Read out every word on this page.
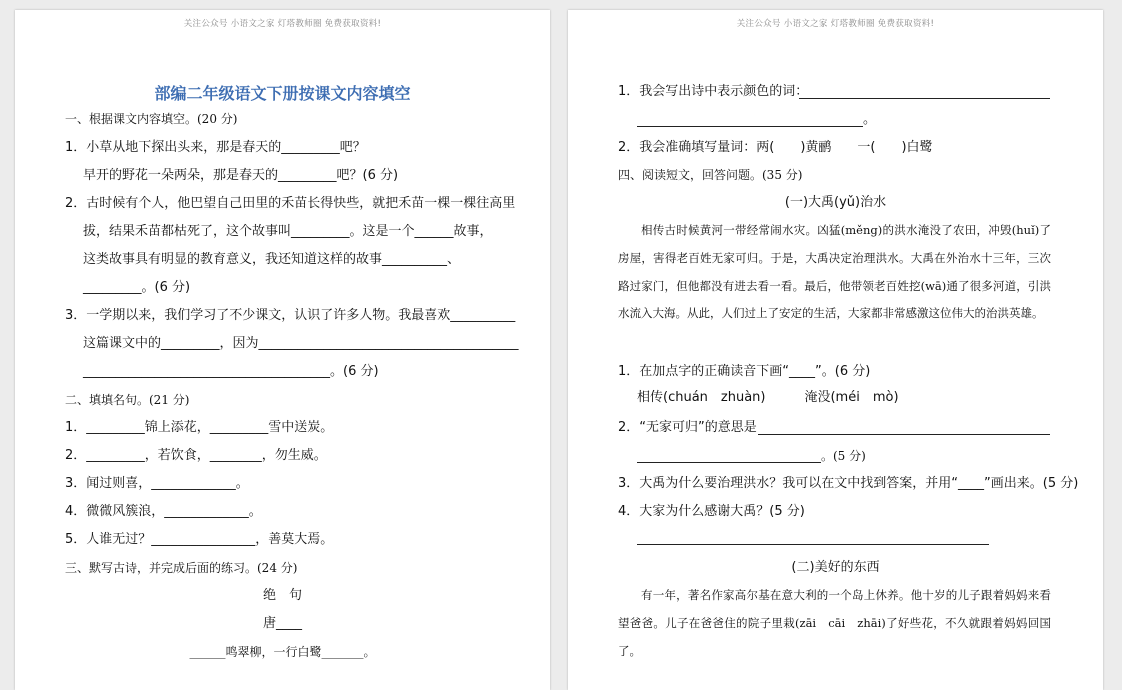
关注公众号 小语文之家 灯塔教师圈 免费获取资料!
部编二年级语文下册按课文内容填空
一、根据课文内容填空。(20 分)
1．小草从地下探出头来，那是春天的_________吧？
早开的野花一朵两朵，那是春天的_________吧？(6 分)
2．古时候有个人，他巴望自己田里的禾苗长得快些，就把禾苗一棵一棵往高里
拔，结果禾苗都枯死了，这个故事叫_________。这是一个______故事，
这类故事具有明显的教育意义，我还知道这样的故事__________、
_________。(6 分)
3．一学期以来，我们学习了不少课文，认识了许多人物。我最喜欢__________
这篇课文中的_________，因为________________________________________
______________________________________。(6 分)
二、填填名句。(21 分)
1．_________锦上添花，_________雪中送炭。
2．_________，若饮食，________，勿生威。
3．闻过则喜，_____________。
4．微微风簇浪，_____________。
5．人谁无过？________________，善莫大焉。
三、默写古诗，并完成后面的练习。(24 分)
绝　句
唐____
______鸣翠柳，一行白鹭_______。
关注公众号 小语文之家 灯塔教师圈 免费获取资料!
1．我会写出诗中表示颜色的词：
。
2．我会准确填写量词：两(　　)黄鹂　　一(　　)白鹭
四、阅读短文，回答问题。(35 分)
(一)大禹(yǔ)治水
相传古时候黄河一带经常闹水灾。凶猛(měng)的洪水淹没了农田，冲毁(huǐ)了房屋，害得老百姓无家可归。于是，大禹决定治理洪水。大禹在外治水十三年，三次路过家门，但他都没有进去看一看。最后，他带领老百姓挖(wā)通了很多河道，引洪水流入大海。从此，人们过上了安定的生活，大家都非常感激这位伟大的治洪英雄。
1．在加点字的正确读音下画“____”。(6 分)
相传(chuán　zhuàn)　　　淹没(méi　mò)
2．“无家可归”的意思是
。(5 分)
3．大禹为什么要治理洪水？我可以在文中找到答案，并用“____”画出来。(5 分)
4．大家为什么感谢大禹？(5 分)
(二)美好的东西
有一年，著名作家高尔基在意大利的一个岛上休养。他十岁的儿子跟着妈妈来看望爸爸。儿子在爸爸住的院子里栽(zāi　cāi　zhāi)了好些花，不久就跟着妈妈回国了。
